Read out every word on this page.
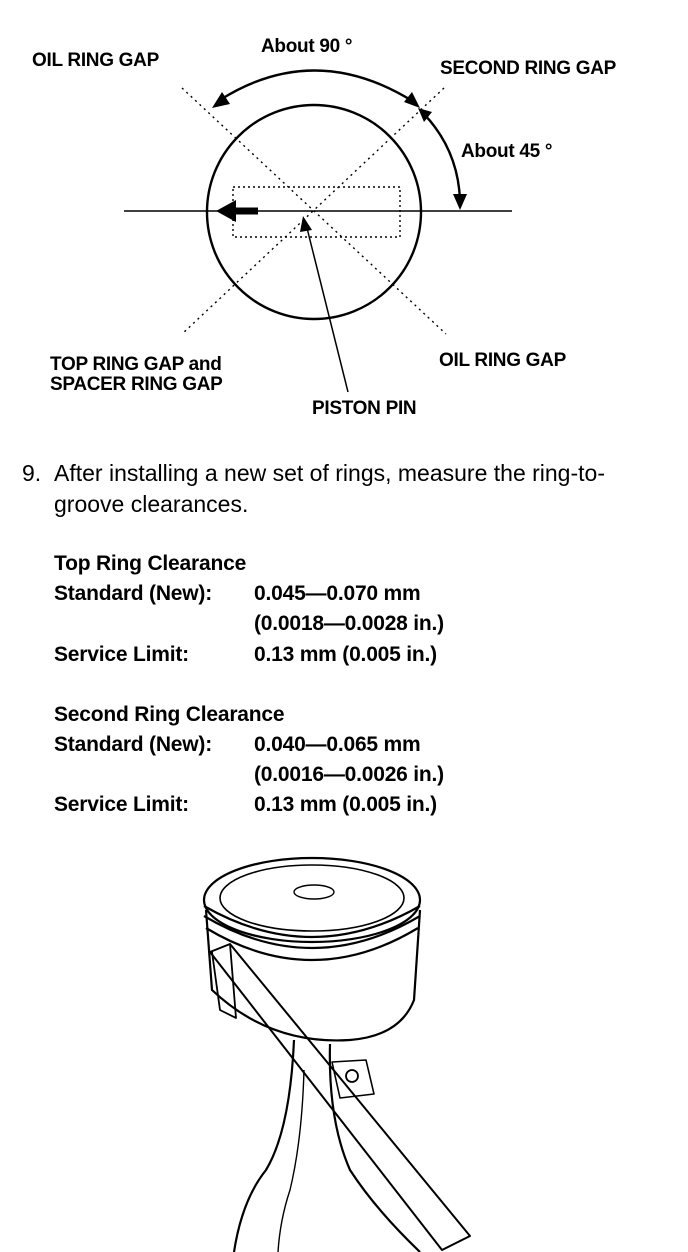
OIL RING GAP
About 90 °
SECOND RING GAP
About 45 °
TOP RING GAP and
SPACER RING GAP
OIL RING GAP
PISTON PIN
9. After installing a new set of rings, measure the ring-to-groove clearances.
Top Ring Clearance
Standard (New): 0.045—0.070 mm
(0.0018—0.0028 in.)
Service Limit:	0.13 mm (0.005 in.)
Second Ring Clearance
Standard (New): 0.040—0.065 mm
(0.0016—0.0026 in.)
Service Limit:	0.13 mm (0.005 in.)
